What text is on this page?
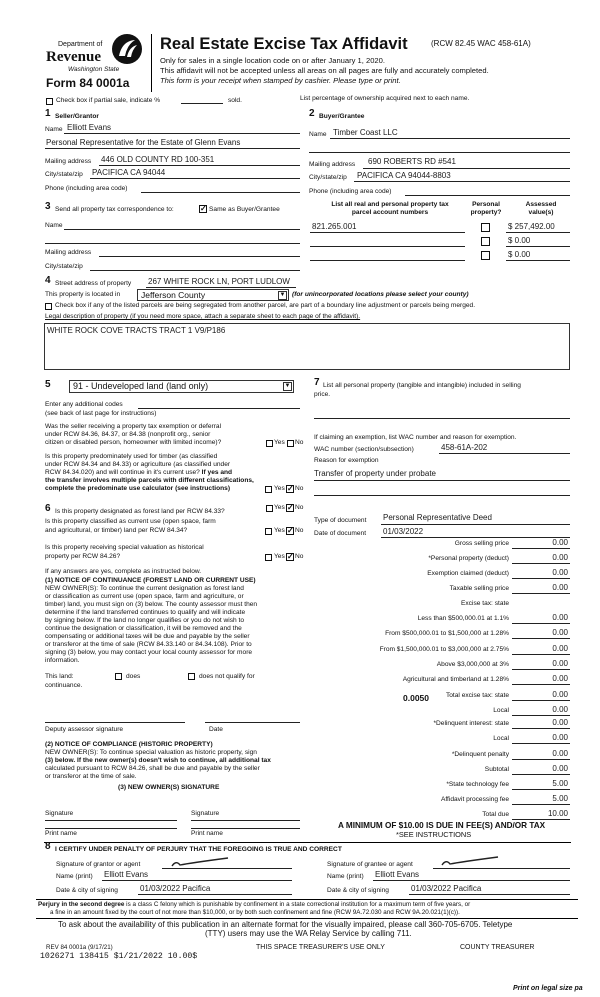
Department of
Revenue
Washington State
Form 84 0001a
Real Estate Excise Tax Affidavit	(RCW 82.45 WAC 458-61A)
Only for sales in a single location code on or after January 1, 2020.
This affidavit will not be accepted unless all areas on all pages are fully and accurately completed.
This form is your receipt when stamped by cashier. Please type or print.
Check box if partial sale, indicate %	sold.	List percentage of ownership acquired next to each name.
1 Seller/Grantor
Name Elliott Evans
Personal Representative for the Estate of Glenn Evans
Mailing address 446 OLD COUNTY RD 100-351
City/state/zip PACIFICA CA 94044
Phone (including area code)
2 Buyer/Grantee
Name Timber Coast LLC
Mailing address 690 ROBERTS RD #541
City/state/zip PACIFICA CA 94044-8803
Phone (including area code)
3 Send all property tax correspondence to:	✓ Same as Buyer/Grantee
Name
Mailing address
City/state/zip
List all real and personal property tax
parcel account numbers
Personal
property?
Assessed
value(s)
821.265.001	$ 257,492.00
$ 0.00
$ 0.00
4 Street address of property 267 WHITE ROCK LN, PORT LUDLOW
This property is located in	Jefferson County	▼ (for unincorporated locations please select your county)
Check box if any of the listed parcels are being segregated from another parcel, are part of a boundary line adjustment or parcels being merged.
Legal description of property (if you need more space, attach a separate sheet to each page of the affidavit).
WHITE ROCK COVE TRACTS TRACT 1 V9/P186
5	91 - Undeveloped land (land only)	▼
Enter any additional codes
(see back of last page for instructions)
Was the seller receiving a property tax exemption or deferral
under RCW 84.36, 84.37, or 84.38 (nonprofit org., senior
citizen or disabled person, homeowner with limited income)?	Yes No
Is this property predominately used for timber (as classified
under RCW 84.34 and 84.33) or agriculture (as classified under
RCW 84.34.020) and will continue in it's current use? If yes and
the transfer involves multiple parcels with different classifications,
complete the predominate use calculator (see instructions)	Yes ✓ No
6 Is this property designated as forest land per RCW 84.33?
Yes ✓ No
Is this property classified as current use (open space, farm
and agricultural, or timber) land per RCW 84.34?	Yes ✓ No
Is this property receiving special valuation as historical
property per RCW 84.26?	Yes ✓ No
If any answers are yes, complete as instructed below.
(1) NOTICE OF CONTINUANCE (FOREST LAND OR CURRENT USE)
NEW OWNER(S): To continue the current designation as forest land
or classification as current use (open space, farm and agriculture, or
timber) land, you must sign on (3) below. The county assessor must then
determine if the land transferred continues to qualify and will indicate
by signing below. If the land no longer qualifies or you do not wish to
continue the designation or classification, it will be removed and the
compensating or additional taxes will be due and payable by the seller
or transferor at the time of sale (RCW 84.33.140 or 84.34.108). Prior to
signing (3) below, you may contact your local county assessor for more
information.
This land:	does	does not qualify for
continuance.
Deputy assessor signature	Date
(2) NOTICE OF COMPLIANCE (HISTORIC PROPERTY)
NEW OWNER(S): To continue special valuation as historic property, sign
(3) below. If the new owner(s) doesn't wish to continue, all additional tax
calculated pursuant to RCW 84.26, shall be due and payable by the seller
or transferor at the time of sale.
(3) NEW OWNER(S) SIGNATURE
Signature	Signature
Print name	Print name
7 List all personal property (tangible and intangible) included in selling
price.
If claiming an exemption, list WAC number and reason for exemption.
WAC number (section/subsection)	458-61A-202
Reason for exemption
Transfer of property under probate
Type of document Personal Representative Deed
Date of document 01/03/2022
Gross selling price	0.00
*Personal property (deduct)	0.00
Exemption claimed (deduct)	0.00
Taxable selling price	0.00
Excise tax: state
Less than $500,000.01 at 1.1%	0.00
From $500,000.01 to $1,500,000 at 1.28%	0.00
From $1,500,000.01 to $3,000,000 at 2.75%	0.00
Above $3,000,000 at 3%	0.00
Agricultural and timberland at 1.28%	0.00
Total excise tax: state	0.00
Local	0.00
*Delinquent interest: state	0.00
Local	0.00
*Delinquent penalty	0.00
Subtotal	0.00
*State technology fee	5.00
Affidavit processing fee	5.00
Total due	10.00
0.0050
A MINIMUM OF $10.00 IS DUE IN FEE(S) AND/OR TAX
*SEE INSTRUCTIONS
8 I CERTIFY UNDER PENALTY OF PERJURY THAT THE FOREGOING IS TRUE AND CORRECT
Signature of grantor or agent	Signature of grantee or agent
Name (print) Elliott Evans	Name (print) Elliott Evans
Date & city of signing	01/03/2022 Pacifica	Date & city of signing	01/03/2022 Pacifica
Perjury in the second degree is a class C felony which is punishable by confinement in a state correctional institution for a maximum term of five years, or
a fine in an amount fixed by the court of not more than $10,000, or by both such confinement and fine (RCW 9A.72.030 and RCW 9A.20.021(1)(c)).
To ask about the availability of this publication in an alternate format for the visually impaired, please call 360-705-6705. Teletype
(TTY) users may use the WA Relay Service by calling 711.
REV 84 0001a (9/17/21)
1026271 138415 $1/21/2022 10.00$
THIS SPACE TREASURER'S USE ONLY	COUNTY TREASURER
Print on legal size pa
